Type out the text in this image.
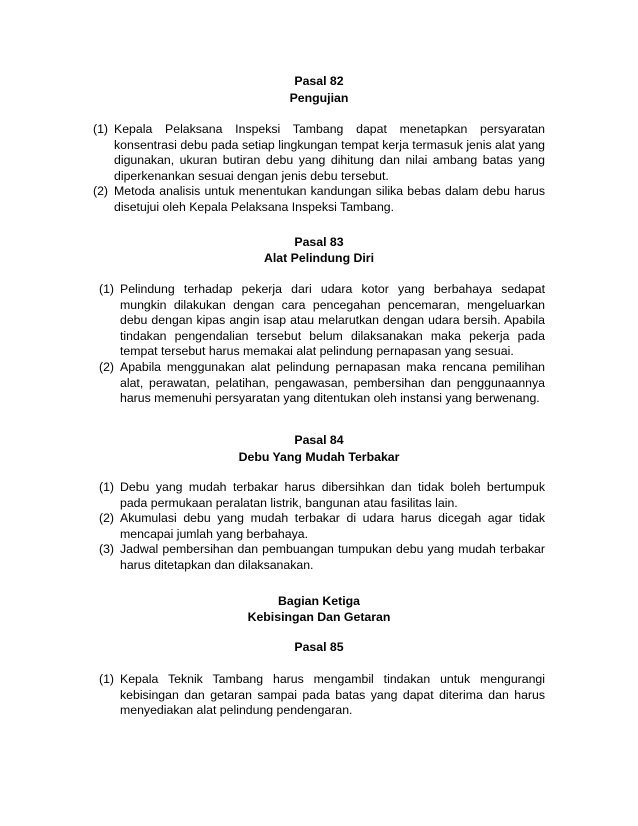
Pasal 82
Pengujian
(1) Kepala Pelaksana Inspeksi Tambang dapat menetapkan persyaratan konsentrasi debu pada setiap lingkungan tempat kerja termasuk jenis alat yang digunakan, ukuran butiran debu yang dihitung dan nilai ambang batas yang diperkenankan sesuai dengan jenis debu tersebut.
(2) Metoda analisis untuk menentukan kandungan silika bebas dalam debu harus disetujui oleh Kepala Pelaksana Inspeksi Tambang.
Pasal 83
Alat Pelindung Diri
(1) Pelindung terhadap pekerja dari udara kotor yang berbahaya sedapat mungkin dilakukan dengan cara pencegahan pencemaran, mengeluarkan debu dengan kipas angin isap atau melarutkan dengan udara bersih. Apabila tindakan pengendalian tersebut belum dilaksanakan maka pekerja pada tempat tersebut harus memakai alat pelindung pernapasan yang sesuai.
(2) Apabila menggunakan alat pelindung pernapasan maka rencana pemilihan alat, perawatan, pelatihan, pengawasan, pembersihan dan penggunaannya harus memenuhi persyaratan yang ditentukan oleh instansi yang berwenang.
Pasal 84
Debu Yang Mudah Terbakar
(1) Debu yang mudah terbakar harus dibersihkan dan tidak boleh bertumpuk pada permukaan peralatan listrik, bangunan atau fasilitas lain.
(2) Akumulasi debu yang mudah terbakar di udara harus dicegah agar tidak mencapai jumlah yang berbahaya.
(3) Jadwal pembersihan dan pembuangan tumpukan debu yang mudah terbakar harus ditetapkan dan dilaksanakan.
Bagian Ketiga
Kebisingan Dan Getaran
Pasal 85
(1) Kepala Teknik Tambang harus mengambil tindakan untuk mengurangi kebisingan dan getaran sampai pada batas yang dapat diterima dan harus menyediakan alat pelindung pendengaran.
